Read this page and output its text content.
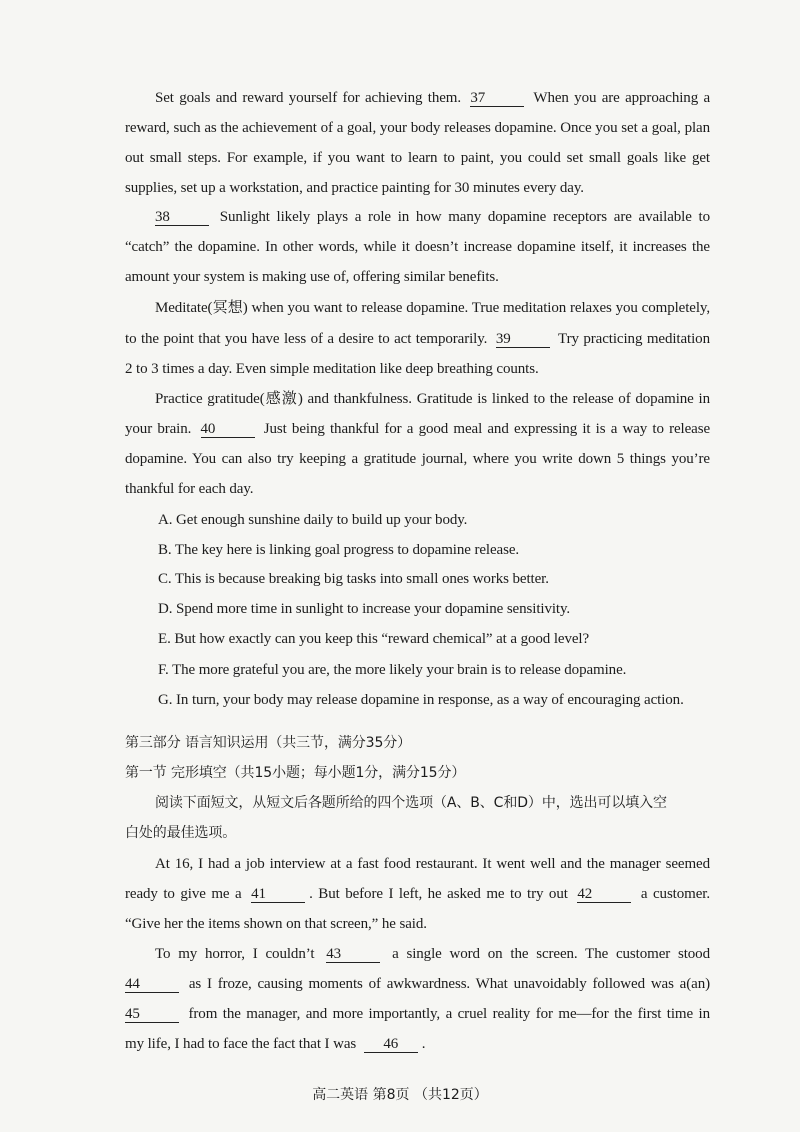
Set goals and reward yourself for achieving them. 37	When you are approaching a
reward, such as the achievement of a goal, your body releases dopamine. Once you set a goal, plan
out small steps. For example, if you want to learn to paint, you could set small goals like get
supplies, set up a workstation, and practice painting for 30 minutes every day.
38	Sunlight likely plays a role in how many dopamine receptors are available to
“catch” the dopamine. In other words, while it doesn’t increase dopamine itself, it increases the
amount your system is making use of, offering similar benefits.
Meditate(冥想) when you want to release dopamine. True meditation relaxes you completely,
to the point that you have less of a desire to act temporarily. 39	Try practicing meditation
2 to 3 times a day. Even simple meditation like deep breathing counts.
Practice gratitude(感激) and thankfulness. Gratitude is linked to the release of dopamine in
your brain. 40	Just being thankful for a good meal and expressing it is a way to release
dopamine. You can also try keeping a gratitude journal, where you write down 5 things you’re
thankful for each day.
A. Get enough sunshine daily to build up your body.
B. The key here is linking goal progress to dopamine release.
C. This is because breaking big tasks into small ones works better.
D. Spend more time in sunlight to increase your dopamine sensitivity.
E. But how exactly can you keep this “reward chemical” at a good level?
F. The more grateful you are, the more likely your brain is to release dopamine.
G. In turn, your body may release dopamine in response, as a way of encouraging action.
第三部分 语言知识运用（共三节，满分35分）
第一节 完形填空（共15小题；每小题1分，满分15分）
阅读下面短文，从短文后各题所给的四个选项（A、B、C和D）中，选出可以填入空
白处的最佳选项。
At 16, I had a job interview at a fast food restaurant. It went well and the manager seemed
ready to give me a 41	. But before I left, he asked me to try out 42	a customer.
“Give her the items shown on that screen,” he said.
To my horror, I couldn’t 43	a single word on the screen. The customer stood
44	as I froze, causing moments of awkwardness. What unavoidably followed was a(an)
45	from the manager, and more importantly, a cruel reality for me—for the first time in
my life, I had to face the fact that I was 46 .
高二英语 第8页 （共12页）
